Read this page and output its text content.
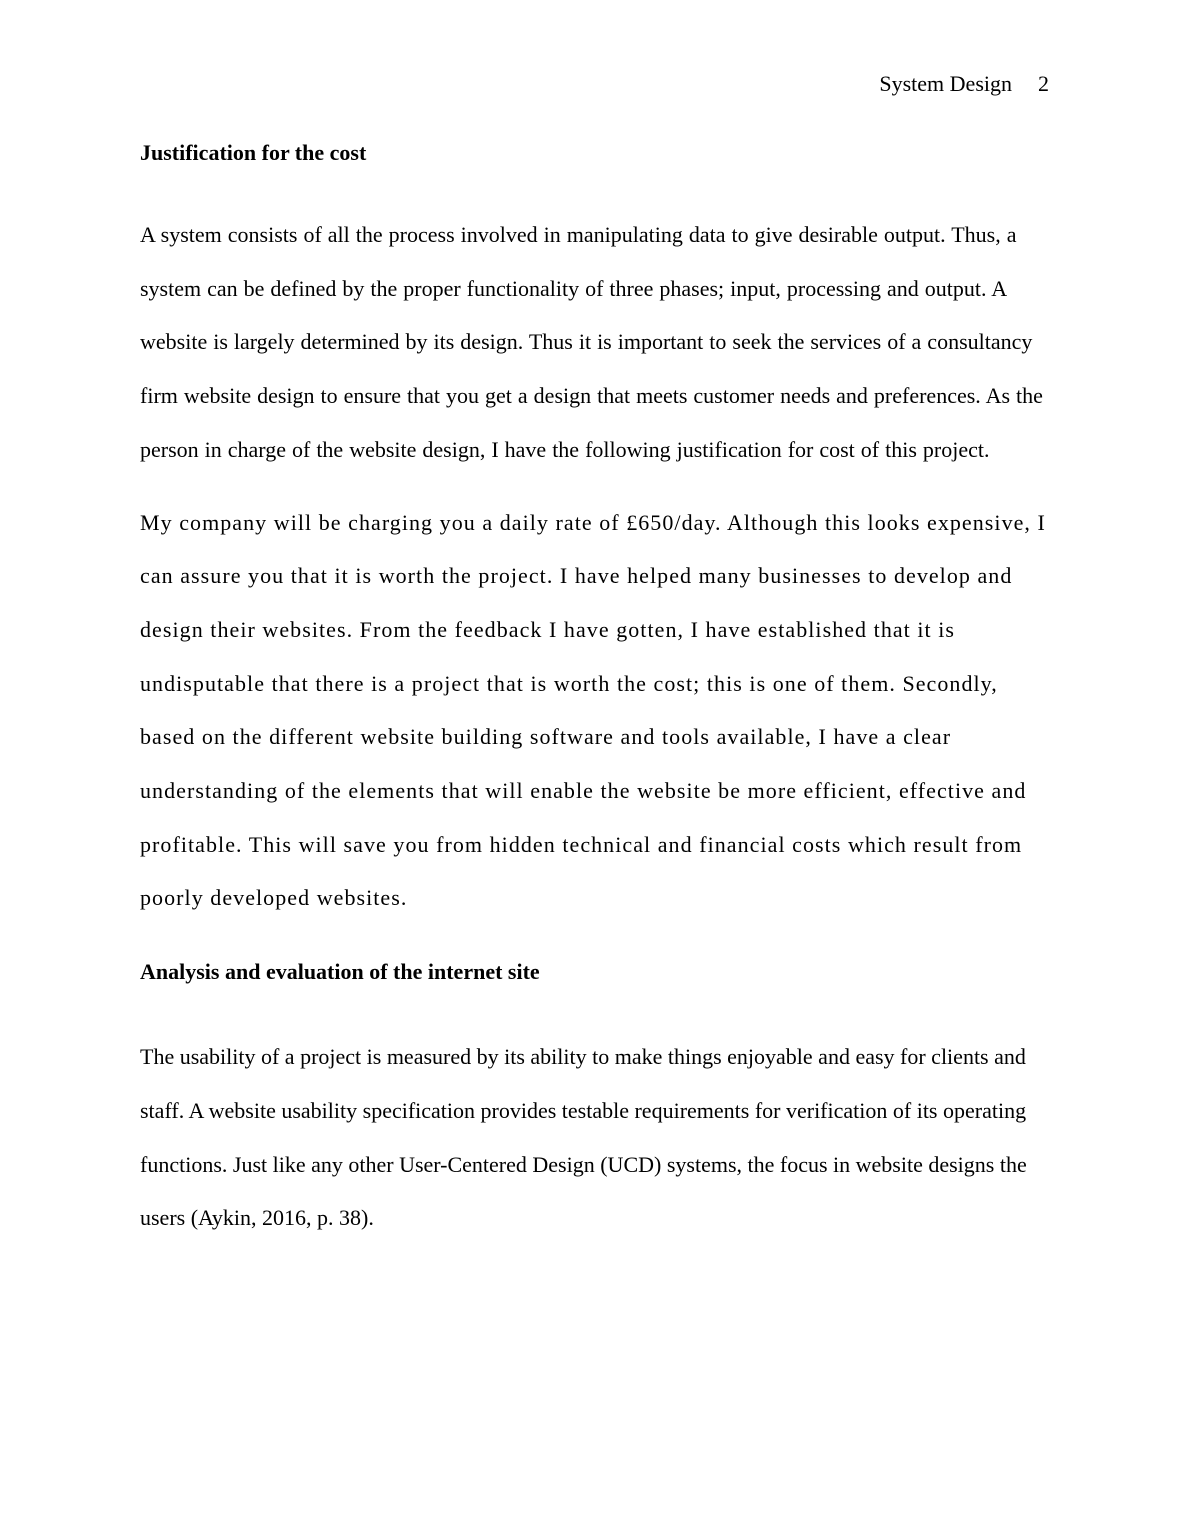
System Design 2
Justification for the cost

A system consists of all the process involved in manipulating data to give desirable output. Thus, a system can be defined by the proper functionality of three phases; input, processing and output. A website is largely determined by its design. Thus it is important to seek the services of a consultancy firm website design to ensure that you get a design that meets customer needs and preferences. As the person in charge of the website design, I have the following justification for cost of this project.

My company will be charging you a daily rate of £650/day. Although this looks expensive, I can assure you that it is worth the project. I have helped many businesses to develop and design their websites. From the feedback I have gotten, I have established that it is undisputable that there is a project that is worth the cost; this is one of them. Secondly, based on the different website building software and tools available, I have a clear understanding of the elements that will enable the website be more efficient, effective and profitable. This will save you from hidden technical and financial costs which result from poorly developed websites.

Analysis and evaluation of the internet site

The usability of a project is measured by its ability to make things enjoyable and easy for clients and staff. A website usability specification provides testable requirements for verification of its operating functions. Just like any other User-Centered Design (UCD) systems, the focus in website designs the users (Aykin, 2016, p. 38).
